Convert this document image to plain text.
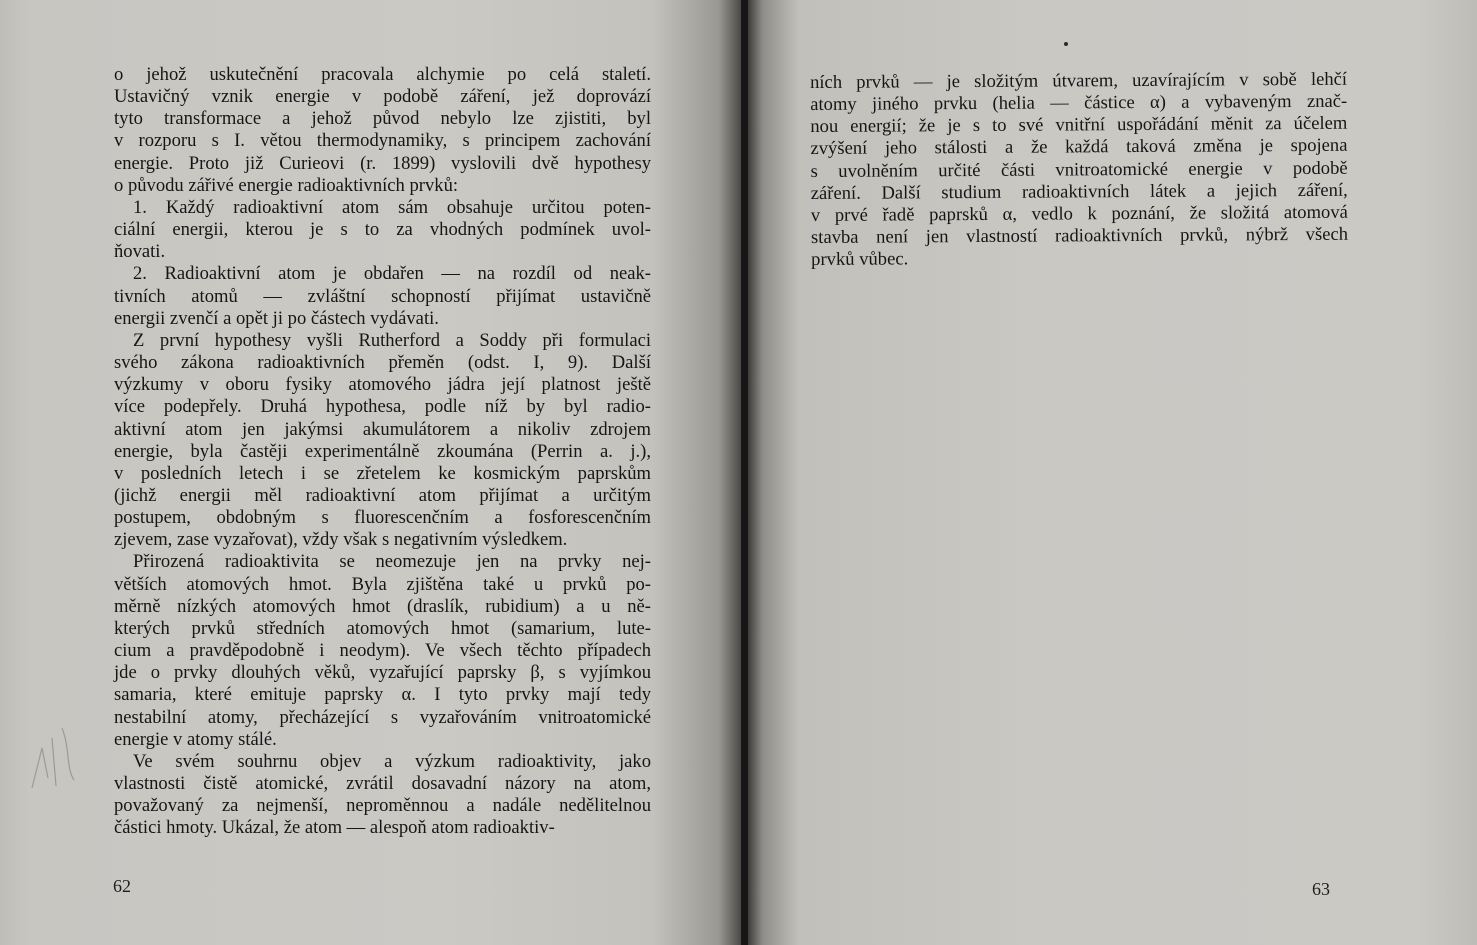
o jehož uskutečnění pracovala alchymie po celá staletí.
Ustavičný vznik energie v podobě záření, jež doprovází
tyto transformace a jehož původ nebylo lze zjistiti, byl
v rozporu s I. větou thermodynamiky, s principem zachování
energie. Proto již Curieovi (r. 1899) vyslovili dvě hypothesy
o původu zářivé energie radioaktivních prvků:

1. Každý radioaktivní atom sám obsahuje určitou poten-
ciální energii, kterou je s to za vhodných podmínek uvol-
ňovati.

2. Radioaktivní atom je obdařen — na rozdíl od neak-
tivních atomů — zvláštní schopností přijímat ustavičně
energii zvenčí a opět ji po částech vydávati.

Z první hypothesy vyšli Rutherford a Soddy při formulaci
svého zákona radioaktivních přeměn (odst. I, 9). Další
výzkumy v oboru fysiky atomového jádra její platnost ještě
více podepřely. Druhá hypothesa, podle níž by byl radio-
aktivní atom jen jakýmsi akumulátorem a nikoliv zdrojem
energie, byla častěji experimentálně zkoumána (Perrin a. j.),
v posledních letech i se zřetelem ke kosmickým paprskům
(jichž energii měl radioaktivní atom přijímat a určitým
postupem, obdobným s fluorescenčním a fosforescenčním
zjevem, zase vyzařovat), vždy však s negativním výsledkem.

Přirozená radioaktivita se neomezuje jen na prvky nej-
větších atomových hmot. Byla zjištěna také u prvků po-
měrně nízkých atomových hmot (draslík, rubidium) a u ně-
kterých prvků středních atomových hmot (samarium, lute-
cium a pravděpodobně i neodym). Ve všech těchto případech
jde o prvky dlouhých věků, vyzařující paprsky β, s vyjímkou
samaria, které emituje paprsky α. I tyto prvky mají tedy
nestabilní atomy, přecházející s vyzařováním vnitroatomické
energie v atomy stálé.

Ve svém souhrnu objev a výzkum radioaktivity, jako
vlastnosti čistě atomické, zvrátil dosavadní názory na atom,
považovaný za nejmenší, neproměnnou a nadále nedělitelnou
částici hmoty. Ukázal, že atom — alespoň atom radioaktiv-

62

ních prvků — je složitým útvarem, uzavírajícím v sobě lehčí
atomy jiného prvku (helia — částice α) a vybaveným znač-
nou energií; že je s to své vnitřní uspořádání měnit za účelem
zvýšení jeho stálosti a že každá taková změna je spojena
s uvolněním určité části vnitroatomické energie v podobě
záření. Další studium radioaktivních látek a jejich záření,
v prvé řadě paprsků α, vedlo k poznání, že složitá atomová
stavba není jen vlastností radioaktivních prvků, nýbrž všech
prvků vůbec.

63
